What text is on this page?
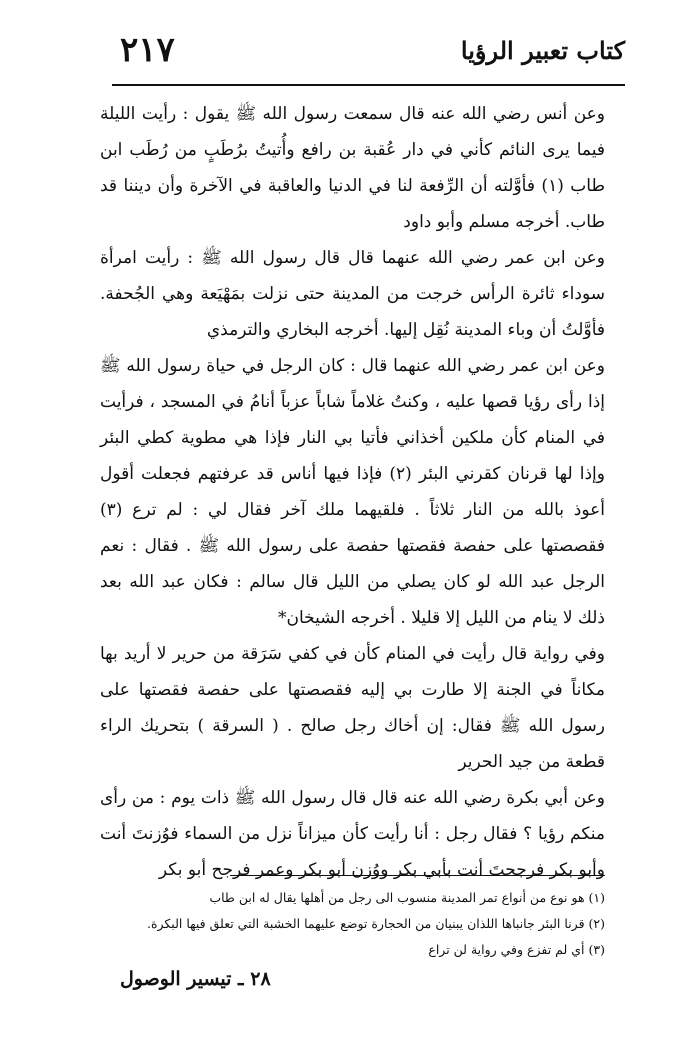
كتاب تعبير الرؤيا
٢١٧

وعن أنس رضي الله عنه قال سمعت رسول الله ﷺ يقول : رأيت الليلة فيما يرى النائم كأني في دار عُقبة بن رافع وأُتيتُ برُطَبٍ من رُطَب ابن طاب (١) فأوَّلته أن الرِّفعة لنا في الدنيا والعاقبة في الآخرة وأن ديننا قد طاب. أخرجه مسلم وأبو داود

وعن ابن عمر رضي الله عنهما قال قال رسول الله ﷺ : رأيت امرأة سوداء ثائرة الرأس خرجت من المدينة حتى نزلت بمَهْيَعة وهي الجُحفة. فأوَّلتُ أن وباء المدينة نُقِل إليها. أخرجه البخاري والترمذي

وعن ابن عمر رضي الله عنهما قال : كان الرجل في حياة رسول الله ﷺ إذا رأى رؤيا قصها عليه ، وكنتُ غلاماً شاباً عزباً أنامُ في المسجد ، فرأيت في المنام كأن ملكين أخذاني فأتيا بي النار فإذا هي مطوية كطي البئر وإذا لها قرنان كقرني البئر (٢) فإذا فيها أناس قد عرفتهم فجعلت أقول أعوذ بالله من النار ثلاثاً . فلقيهما ملك آخر فقال لي : لم ترع (٣) فقصصتها على حفصة فقصتها حفصة على رسول الله ﷺ . فقال : نعم الرجل عبد الله لو كان يصلي من الليل قال سالم : فكان عبد الله بعد ذلك لا ينام من الليل إلا قليلا . أخرجه الشيخان*

وفي رواية قال رأيت في المنام كأن في كفي سَرَقة من حرير لا أريد بها مكاناً في الجنة إلا طارت بي إليه فقصصتها على حفصة فقصتها على رسول الله ﷺ فقال: إن أخاك رجل صالح . ( السرقة ) بتحريك الراء قطعة من جيد الحرير

وعن أبي بكرة رضي الله عنه قال قال رسول الله ﷺ ذات يوم : من رأى منكم رؤيا ؟ فقال رجل : أنا رأيت كأن ميزاناً نزل من السماء فوُزنتَ أنت وأبو بكر فرجحتَ أنت بأبي بكر ووُزن أبو بكر وعمر فرجح أبو بكر

(١) هو نوع من أنواع تمر المدينة منسوب الى رجل من أهلها يقال له ابن طاب
(٢) قرنا البئر جانباها اللذان يبنيان من الحجارة توضع عليهما الخشبة التي تعلق فيها البكرة.
(٣) أي لم تفزع وفي رواية لن تراع
٢٨ ـ تيسير الوصول
